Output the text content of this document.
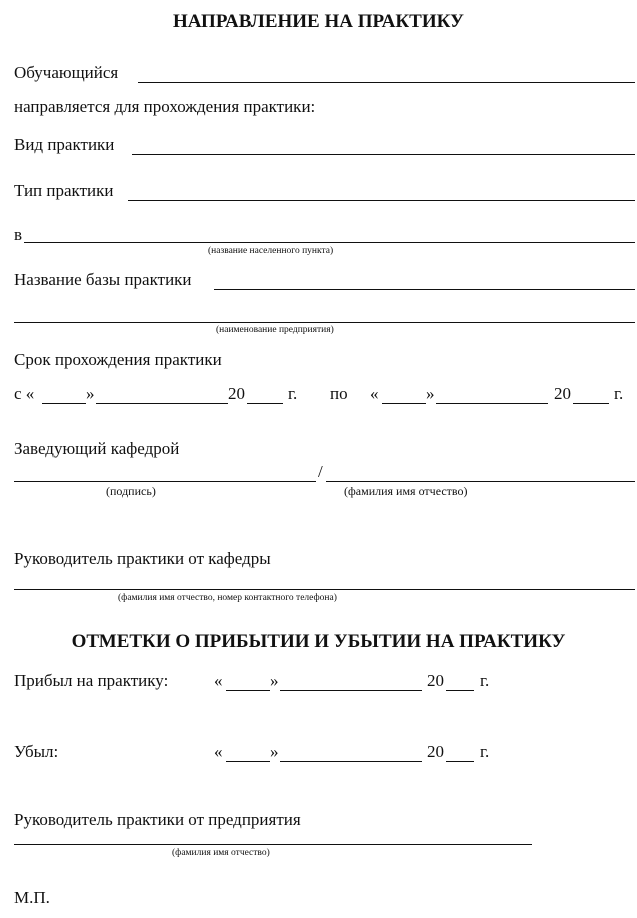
НАПРАВЛЕНИЕ НА ПРАКТИКУ
Обучающийся
направляется для прохождения практики:
Вид практики
Тип практики
в
(название населенного пункта)
Название базы практики
(наименование предприятия)
Срок прохождения практики
с «	»	20	г. по «	»	20	г.
Заведующий кафедрой
/
(подпись)	(фамилия имя отчество)
Руководитель практики от кафедры
(фамилия имя отчество, номер контактного телефона)
ОТМЕТКИ О ПРИБЫТИИ И УБЫТИИ НА ПРАКТИКУ
Прибыл на практику:	«	»	20 г.
Убыл:	«	»	20 г.
Руководитель практики от предприятия
(фамилия имя отчество)
М.П.
